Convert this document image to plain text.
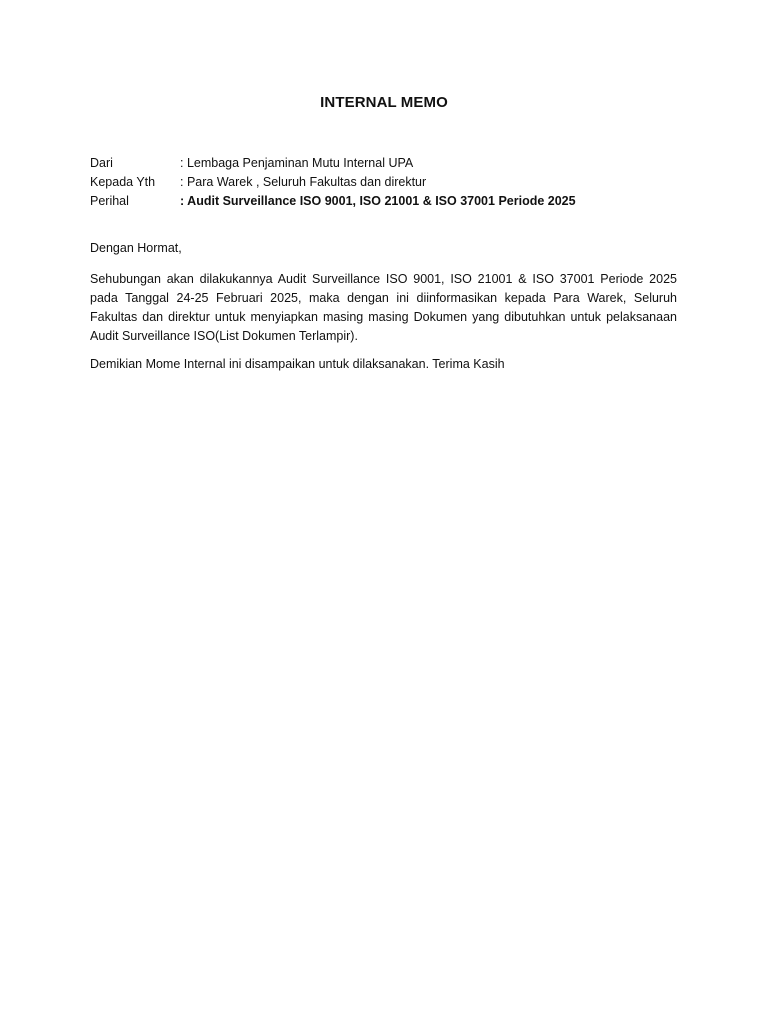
INTERNAL MEMO
Dari	: Lembaga Penjaminan Mutu Internal UPA
Kepada Yth	: Para Warek , Seluruh Fakultas dan direktur
Perihal	: Audit Surveillance ISO 9001, ISO 21001 & ISO 37001 Periode 2025
Dengan Hormat,

Sehubungan akan dilakukannya Audit Surveillance ISO 9001, ISO 21001 & ISO 37001 Periode 2025 pada Tanggal 24-25 Februari 2025, maka dengan ini diinformasikan kepada Para Warek, Seluruh Fakultas dan direktur untuk menyiapkan masing masing Dokumen yang dibutuhkan untuk pelaksanaan Audit Surveillance ISO(List Dokumen Terlampir).

Demikian Mome Internal ini disampaikan untuk dilaksanakan. Terima Kasih
